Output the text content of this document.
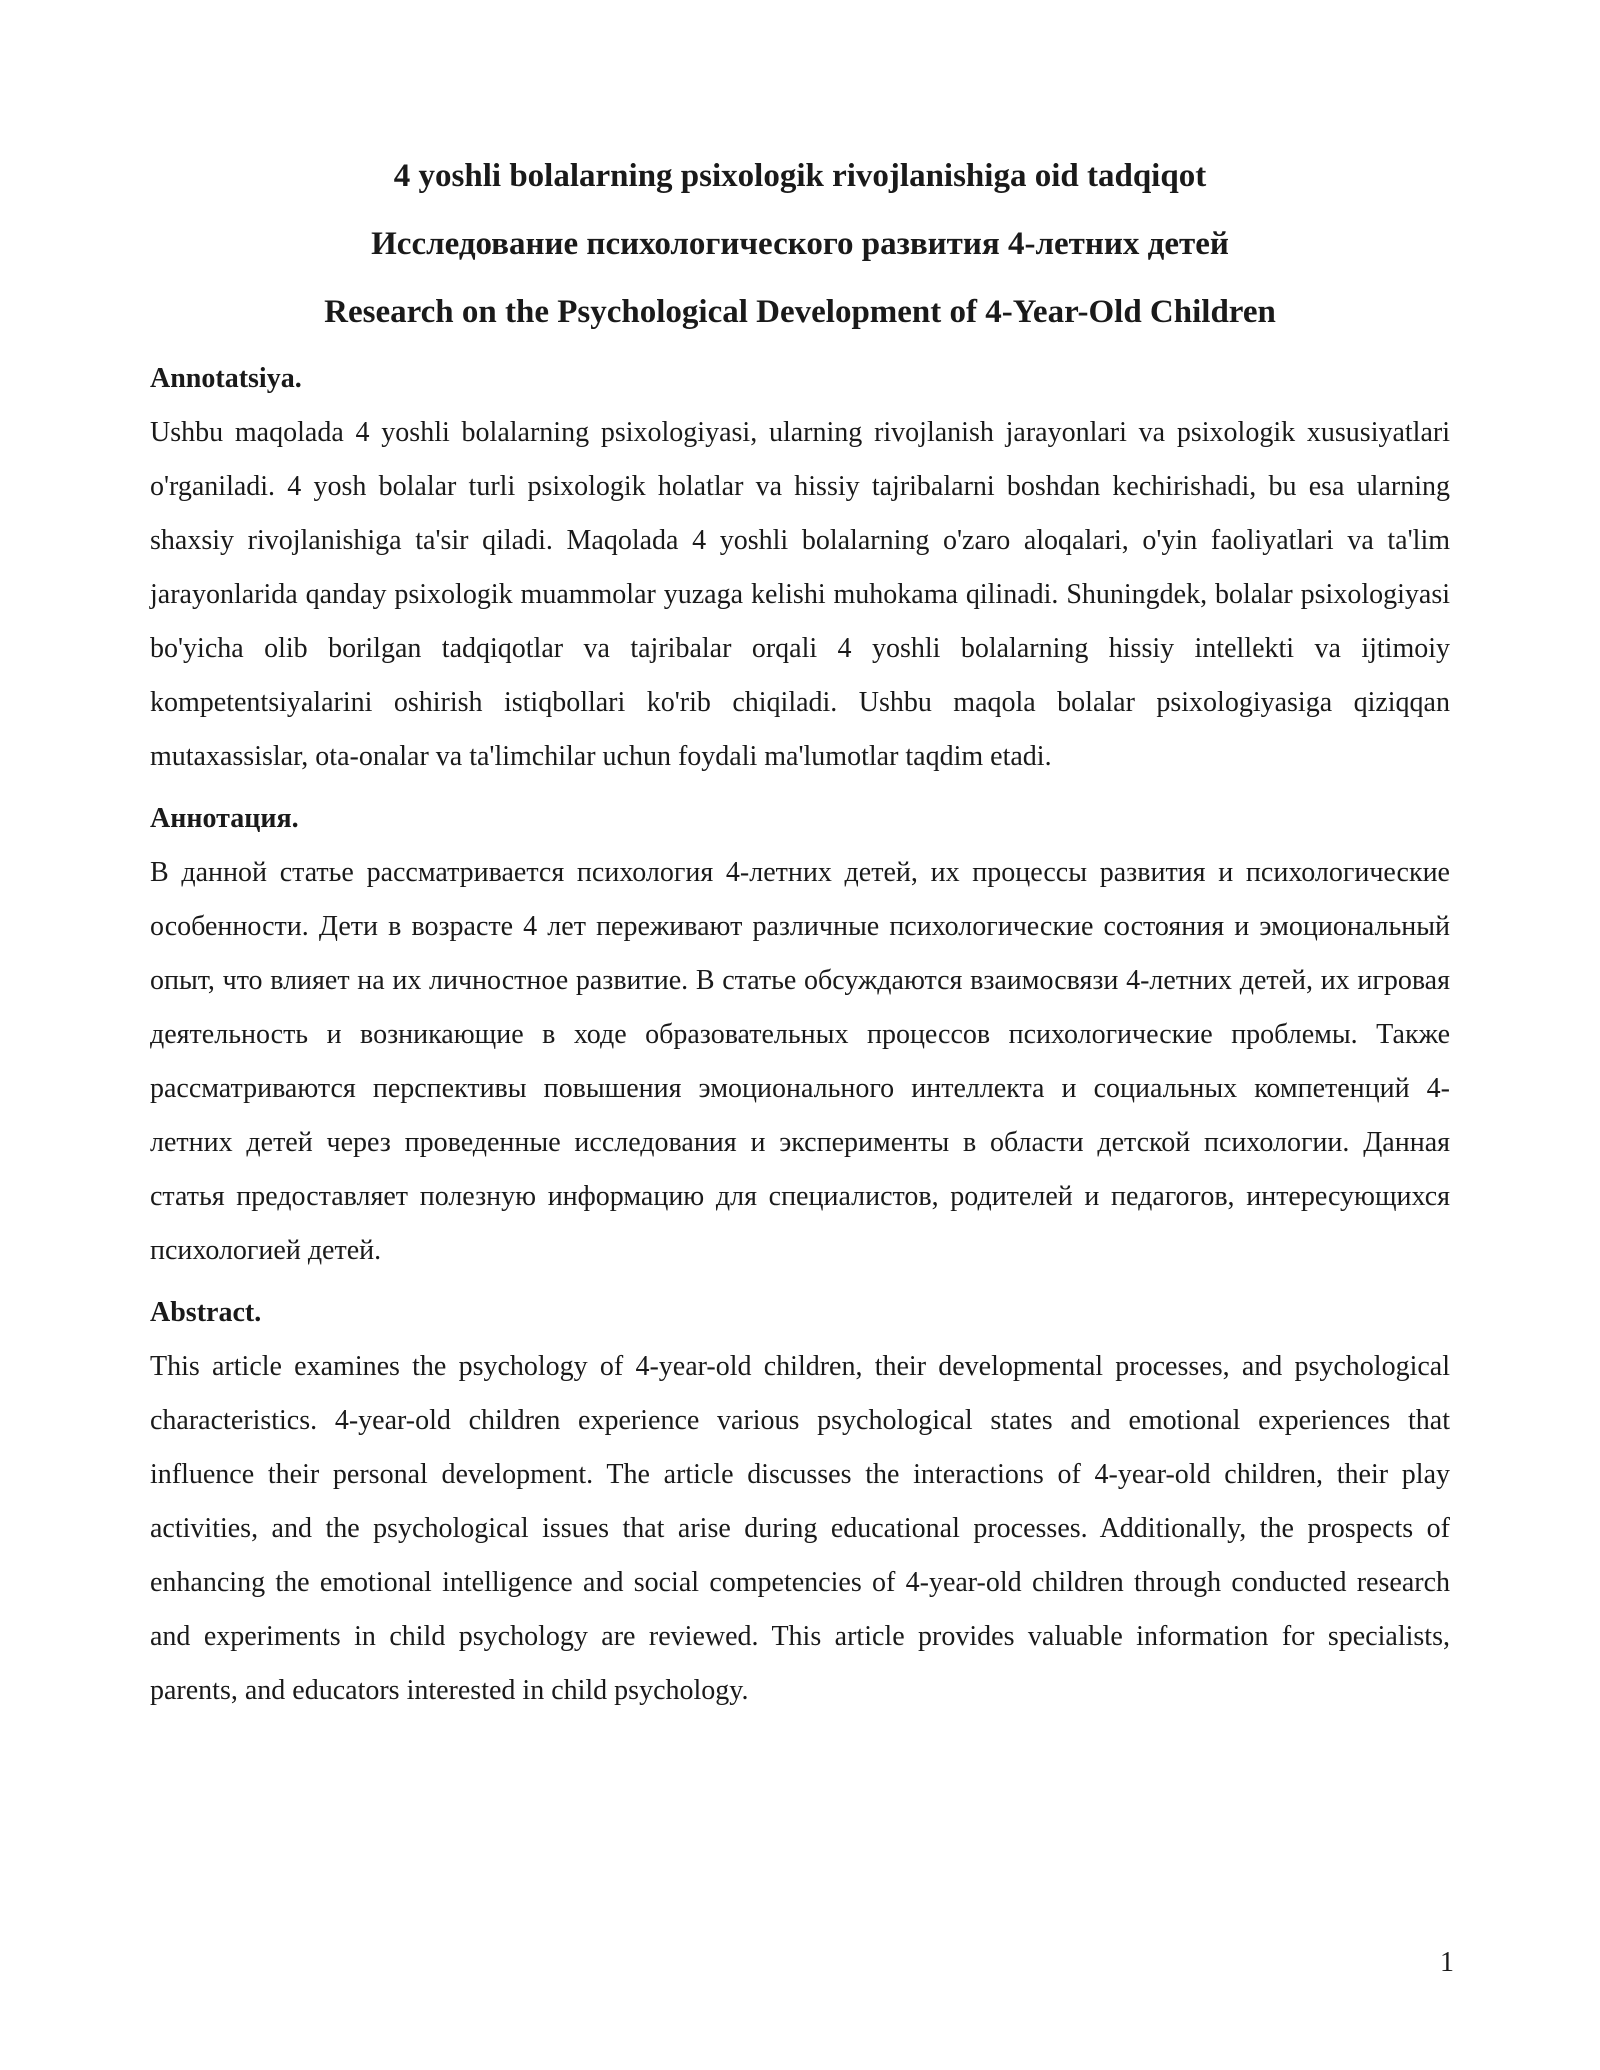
4 yoshli bolalarning psixologik rivojlanishiga oid tadqiqot

Исследование психологического развития 4-летних детей

Research on the Psychological Development of 4-Year-Old Children

Annotatsiya.

Ushbu maqolada 4 yoshli bolalarning psixologiyasi, ularning rivojlanish jarayonlari va psixologik xususiyatlari o'rganiladi. 4 yosh bolalar turli psixologik holatlar va hissiy tajribalarni boshdan kechirishadi, bu esa ularning shaxsiy rivojlanishiga ta'sir qiladi. Maqolada 4 yoshli bolalarning o'zaro aloqalari, o'yin faoliyatlari va ta'lim jarayonlarida qanday psixologik muammolar yuzaga kelishi muhokama qilinadi. Shuningdek, bolalar psixologiyasi bo'yicha olib borilgan tadqiqotlar va tajribalar orqali 4 yoshli bolalarning hissiy intellekti va ijtimoiy kompetentsiyalarini oshirish istiqbollari ko'rib chiqiladi. Ushbu maqola bolalar psixologiyasiga qiziqqan mutaxassislar, ota-onalar va ta'limchilar uchun foydali ma'lumotlar taqdim etadi.

Аннотация.

В данной статье рассматривается психология 4-летних детей, их процессы развития и психологические особенности. Дети в возрасте 4 лет переживают различные психологические состояния и эмоциональный опыт, что влияет на их личностное развитие. В статье обсуждаются взаимосвязи 4-летних детей, их игровая деятельность и возникающие в ходе образовательных процессов психологические проблемы. Также рассматриваются перспективы повышения эмоционального интеллекта и социальных компетенций 4-летних детей через проведенные исследования и эксперименты в области детской психологии. Данная статья предоставляет полезную информацию для специалистов, родителей и педагогов, интересующихся психологией детей.

Abstract.

This article examines the psychology of 4-year-old children, their developmental processes, and psychological characteristics. 4-year-old children experience various psychological states and emotional experiences that influence their personal development. The article discusses the interactions of 4-year-old children, their play activities, and the psychological issues that arise during educational processes. Additionally, the prospects of enhancing the emotional intelligence and social competencies of 4-year-old children through conducted research and experiments in child psychology are reviewed. This article provides valuable information for specialists, parents, and educators interested in child psychology.

1
